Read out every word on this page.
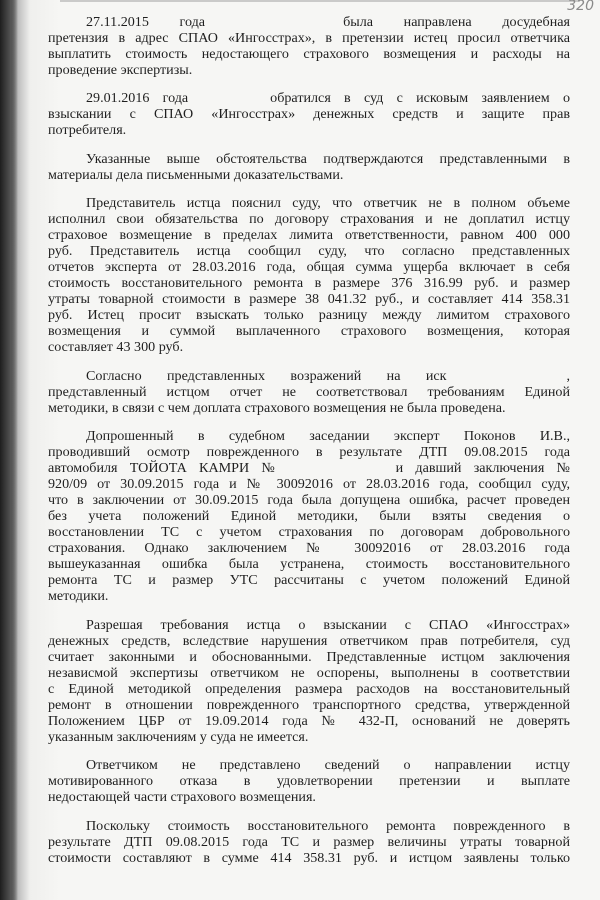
320
27.11.2015 года	была направлена досудебная
претензия в адрес СПАО «Ингосстрах», в претензии истец просил ответчика
выплатить стоимость недостающего страхового возмещения и расходы на
проведение экспертизы.
29.01.2016 года	обратился в суд с исковым заявлением о
взыскании с СПАО «Ингосстрах» денежных средств и защите прав
потребителя.
Указанные выше обстоятельства подтверждаются представленными в
материалы дела письменными доказательствами.
Представитель истца пояснил суду, что ответчик не в полном объеме
исполнил свои обязательства по договору страхования и не доплатил истцу
страховое возмещение в пределах лимита ответственности, равном 400 000
руб. Представитель истца сообщил суду, что согласно представленных
отчетов эксперта от 28.03.2016 года, общая сумма ущерба включает в себя
стоимость восстановительного ремонта в размере 376 316.99 руб. и размер
утраты товарной стоимости в размере 38 041.32 руб., и составляет 414 358.31
руб. Истец просит взыскать только разницу между лимитом страхового
возмещения и суммой выплаченного страхового возмещения, которая
составляет 43 300 руб.
Согласно представленных возражений на иск	,
представленный истцом отчет не соответствовал требованиям Единой
методики, в связи с чем доплата страхового возмещения не была проведена.
Допрошенный в судебном заседании эксперт Поконов И.В.,
проводивший осмотр поврежденного в результате ДТП 09.08.2015 года
автомобиля ТОЙОТА КАМРИ №	и давший заключения №
920/09 от 30.09.2015 года и № 30092016 от 28.03.2016 года, сообщил суду,
что в заключении от 30.09.2015 года была допущена ошибка, расчет проведен
без учета положений Единой методики, были взяты сведения о
восстановлении ТС с учетом страхования по договорам добровольного
страхования. Однако заключением № 30092016 от 28.03.2016 года
вышеуказанная ошибка была устранена, стоимость восстановительного
ремонта ТС и размер УТС рассчитаны с учетом положений Единой
методики.
Разрешая требования истца о взыскании с СПАО «Ингосстрах»
денежных средств, вследствие нарушения ответчиком прав потребителя, суд
считает законными и обоснованными. Представленные истцом заключения
независмой экспертизы ответчиком не оспорены, выполнены в соответствии
с Единой методикой определения размера расходов на восстановительный
ремонт в отношении поврежденного транспортного средства, утвержденной
Положением ЦБР от 19.09.2014 года № 432-П, оснований не доверять
указанным заключениям у суда не имеется.
Ответчиком не представлено сведений о направлении истцу
мотивированного отказа в удовлетворении претензии и выплате
недостающей части страхового возмещения.
Поскольку стоимость восстановительного ремонта поврежденного в
результате ДТП 09.08.2015 года ТС и размер величины утраты товарной
стоимости составляют в сумме 414 358.31 руб. и истцом заявлены только
